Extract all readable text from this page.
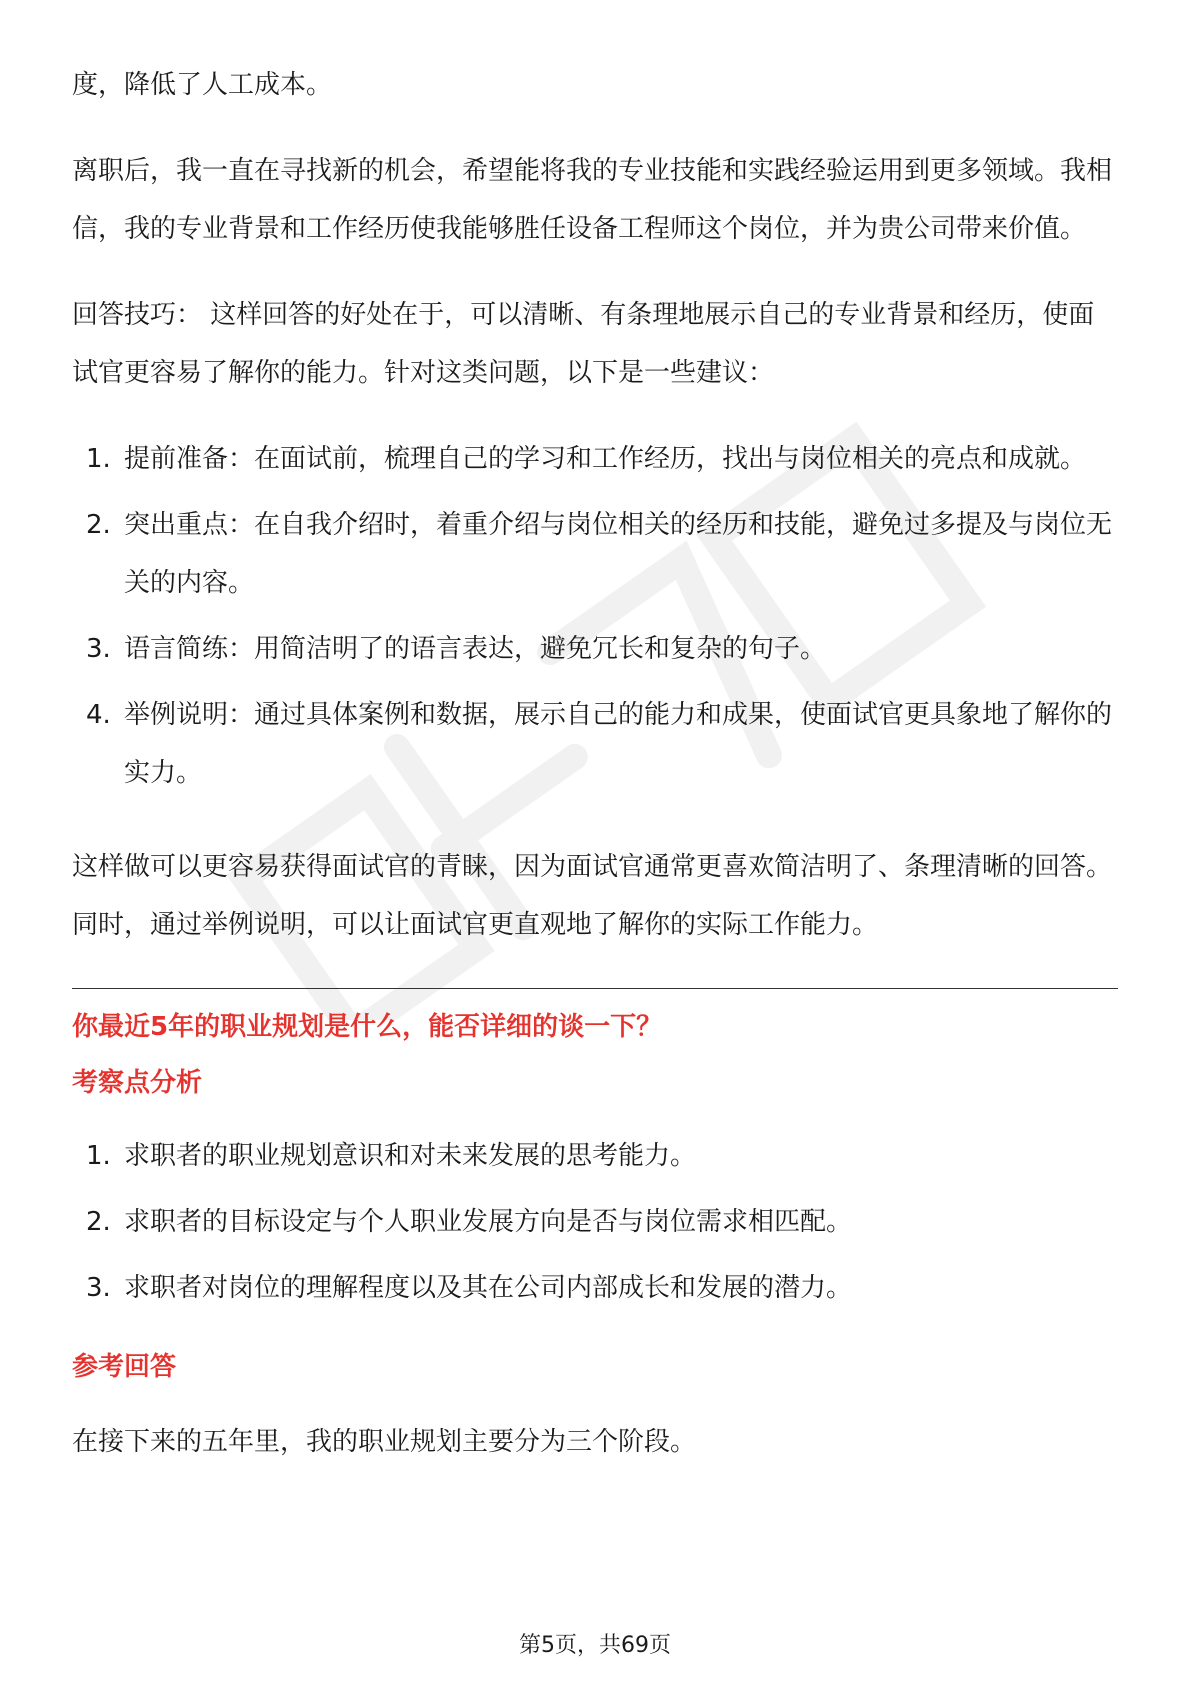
度，降低了人工成本。

离职后，我一直在寻找新的机会，希望能将我的专业技能和实践经验运用到更多领域。我相信，我的专业背景和工作经历使我能够胜任设备工程师这个岗位，并为贵公司带来价值。

回答技巧： 这样回答的好处在于，可以清晰、有条理地展示自己的专业背景和经历，使面试官更容易了解你的能力。针对这类问题，以下是一些建议：

1. 提前准备：在面试前，梳理自己的学习和工作经历，找出与岗位相关的亮点和成就。
2. 突出重点：在自我介绍时，着重介绍与岗位相关的经历和技能，避免过多提及与岗位无关的内容。
3. 语言简练：用简洁明了的语言表达，避免冗长和复杂的句子。
4. 举例说明：通过具体案例和数据，展示自己的能力和成果，使面试官更具象地了解你的实力。

这样做可以更容易获得面试官的青睐，因为面试官通常更喜欢简洁明了、条理清晰的回答。同时，通过举例说明，可以让面试官更直观地了解你的实际工作能力。

你最近5年的职业规划是什么，能否详细的谈一下？

考察点分析

1. 求职者的职业规划意识和对未来发展的思考能力。
2. 求职者的目标设定与个人职业发展方向是否与岗位需求相匹配。
3. 求职者对岗位的理解程度以及其在公司内部成长和发展的潜力。

参考回答

在接下来的五年里，我的职业规划主要分为三个阶段。

第5页，共69页
